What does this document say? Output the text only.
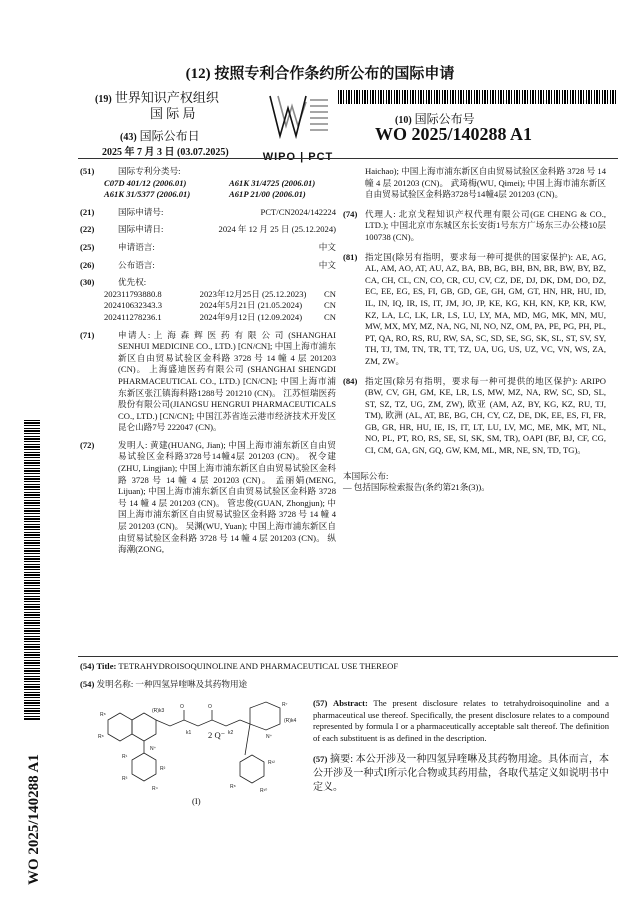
(12) 按照专利合作条约所公布的国际申请
(19) 世界知识产权组织
国 际 局
(43) 国际公布日
2025 年 7 月 3 日 (03.07.2025)	WIPO | PCT
(10) 国际公布号
WO 2025/140288 A1
WO 2025/140288 A1
(51)	国际专利分类号:
C07D 401/12 (2006.01)	A61K 31/4725 (2006.01)
A61K 31/5377 (2006.01)	A61P 21/00 (2006.01)
(21)	国际申请号:	PCT/CN2024/142224
(22)	国际申请日:	2024 年 12 月 25 日 (25.12.2024)
(25)	申请语言:	中文
(26)	公布语言:	中文
(30)	优先权:
202311793880.8	2023年12月25日 (25.12.2023)	CN
202410632343.3	2024年5月21日 (21.05.2024)	CN
202411278236.1	2024年9月12日 (12.09.2024)	CN
(71)	申请人: 上 海 森 辉 医 药 有 限 公 司 (SHANGHAI SENHUI MEDICINE CO., LTD.) [CN/CN]; 中国上海市浦东新区自由贸易试验区金科路 3728 号 14 幢 4 层 201203 (CN)。 上海盛迪医药有限公司 (SHANGHAI SHENGDI PHARMACEUTICAL CO., LTD.) [CN/CN]; 中国上海市浦东新区张江镇海科路1288号 201210 (CN)。 江苏恒瑞医药股份有限公司(JIANGSU HENGRUI PHARMACEUTICALS CO., LTD.) [CN/CN]; 中国江苏省连云港市经济技术开发区昆仑山路7号 222047 (CN)。
(72)	发明人: 黄建(HUANG, Jian); 中国上海市浦东新区自由贸易试验区金科路3728号14幢4层 201203 (CN)。 祝令建(ZHU, Lingjian); 中国上海市浦东新区自由贸易试验区金科路 3728 号 14 幢 4 层 201203 (CN)。 孟丽娟(MENG, Lijuan); 中国上海市浦东新区自由贸易试验区金科路 3728 号 14 幢 4 层 201203 (CN)。 管忠俊(GUAN, Zhongjun); 中国上海市浦东新区自由贸易试验区金科路 3728 号 14 幢 4 层 201203 (CN)。 吴渊(WU, Yuan); 中国上海市浦东新区自由贸易试验区金科路 3728 号 14 幢 4 层 201203 (CN)。 纵海潮(ZONG,

Haichao); 中国上海市浦东新区自由贸易试验区金科路 3728 号 14 幢 4 层 201203 (CN)。 武琦梅(WU, Qimei); 中国上海市浦东新区自由贸易试验区金科路3728号14幢4层 201203 (CN)。

(74) 代理人: 北京戈程知识产权代理有限公司(GE CHENG & CO., LTD.); 中国北京市东城区东长安街1号东方广场东三办公楼10层 100738 (CN)。
(81) 指定国(除另有指明，要求每一种可提供的国家保护): AE, AG, AL, AM, AO, AT, AU, AZ, BA, BB, BG, BH, BN, BR, BW, BY, BZ, CA, CH, CL, CN, CO, CR, CU, CV, CZ, DE, DJ, DK, DM, DO, DZ, EC, EE, EG, ES, FI, GB, GD, GE, GH, GM, GT, HN, HR, HU, ID, IL, IN, IQ, IR, IS, IT, JM, JO, JP, KE, KG, KH, KN, KP, KR, KW, KZ, LA, LC, LK, LR, LS, LU, LY, MA, MD, MG, MK, MN, MU, MW, MX, MY, MZ, NA, NG, NI, NO, NZ, OM, PA, PE, PG, PH, PL, PT, QA, RO, RS, RU, RW, SA, SC, SD, SE, SG, SK, SL, ST, SV, SY, TH, TJ, TM, TN, TR, TT, TZ, UA, UG, US, UZ, VC, VN, WS, ZA, ZM, ZW。
(84) 指定国(除另有指明，要求每一种可提供的地区保护): ARIPO (BW, CV, GH, GM, KE, LR, LS, MW, MZ, NA, RW, SC, SD, SL, ST, SZ, TZ, UG, ZM, ZW), 欧亚 (AM, AZ, BY, KG, KZ, RU, TJ, TM), 欧洲 (AL, AT, BE, BG, CH, CY, CZ, DE, DK, EE, ES, FI, FR, GB, GR, HR, HU, IE, IS, IT, LT, LU, LV, MC, ME, MK, MT, NL, NO, PL, PT, RO, RS, SE, SI, SK, SM, TR), OAPI (BF, BJ, CF, CG, CI, CM, GA, GN, GQ, GW, KM, ML, MR, NE, SN, TD, TG)。

本国际公布:

— 包括国际检索报告(条约第21条(3))。

(54) Title: TETRAHYDROISOQUINOLINE AND PHARMACEUTICAL USE THEREOF
(54) 发明名称: 一种四氢异喹啉及其药物用途
R⁸
R⁸
(R)k3
N⁺
R¹
R²
R³
R⁴
O	O
k1	k2
R⁷
(R)k4
N⁺
R¹²
R⁸
R¹⁰
2 Q⁻
(I)
(57) Abstract: The present disclosure relates to tetrahydroisoquinoline and a pharmaceutical use thereof. Specifically, the present disclosure relates to a compound represented by formula I or a pharmaceutically acceptable salt thereof. The definition of each substituent is as defined in the description.
(57) 摘要: 本公开涉及一种四氢异喹啉及其药物用途。具体而言，本公开涉及一种式I所示化合物或其药用盐，各取代基定义如说明书中定义。
